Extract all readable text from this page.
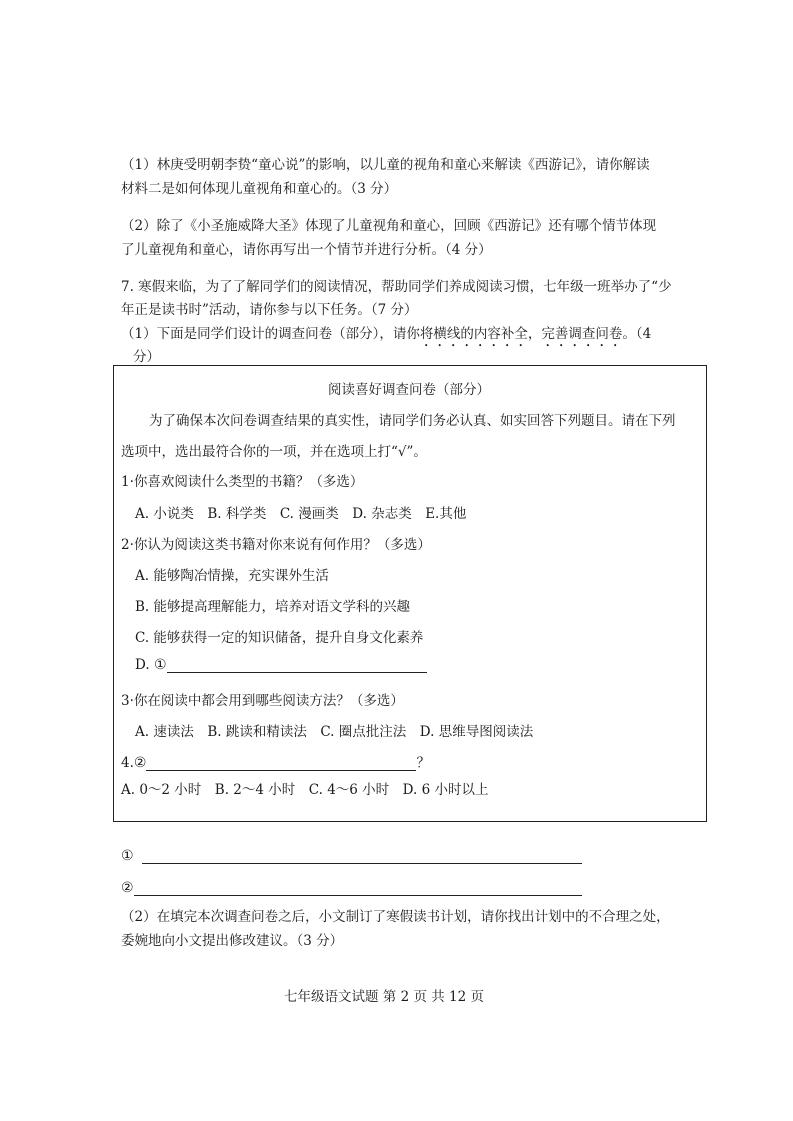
（1）林庚受明朝李贽“童心说”的影响，以儿童的视角和童心来解读《西游记》，请你解读
材料二是如何体现儿童视角和童心的。（3 分）
（2）除了《小圣施威降大圣》体现了儿童视角和童心，回顾《西游记》还有哪个情节体现
了儿童视角和童心，请你再写出一个情节并进行分析。（4 分）
7. 寒假来临，为了了解同学们的阅读情况，帮助同学们养成阅读习惯，七年级一班举办了“少
年正是读书时”活动，请你参与以下任务。（7 分）
（1）下面是同学们设计的调查问卷（部分），请你将横线的内容补全，完善调查问卷。（4
分）
阅读喜好调查问卷（部分）
为了确保本次问卷调查结果的真实性，请同学们务必认真、如实回答下列题目。请在下列
选项中，选出最符合你的一项，并在选项上打“√”。
1·你喜欢阅读什么类型的书籍？（多选）
A. 小说类　B. 科学类　C. 漫画类　D. 杂志类　E.其他
2·你认为阅读这类书籍对你来说有何作用？（多选）
A. 能够陶冶情操，充实课外生活
B. 能够提高理解能力，培养对语文学科的兴趣
C. 能够获得一定的知识储备，提升自身文化素养
D. ①
3·你在阅读中都会用到哪些阅读方法？（多选）
A. 速读法　B. 跳读和精读法　C. 圈点批注法　D. 思维导图阅读法
4.②	？
A. 0～2 小时　B. 2～4 小时　C. 4～6 小时　D. 6 小时以上
①
②
（2）在填完本次调查问卷之后，小文制订了寒假读书计划，请你找出计划中的不合理之处，
委婉地向小文提出修改建议。（3 分）
七年级语文试题 第 2 页 共 12 页
